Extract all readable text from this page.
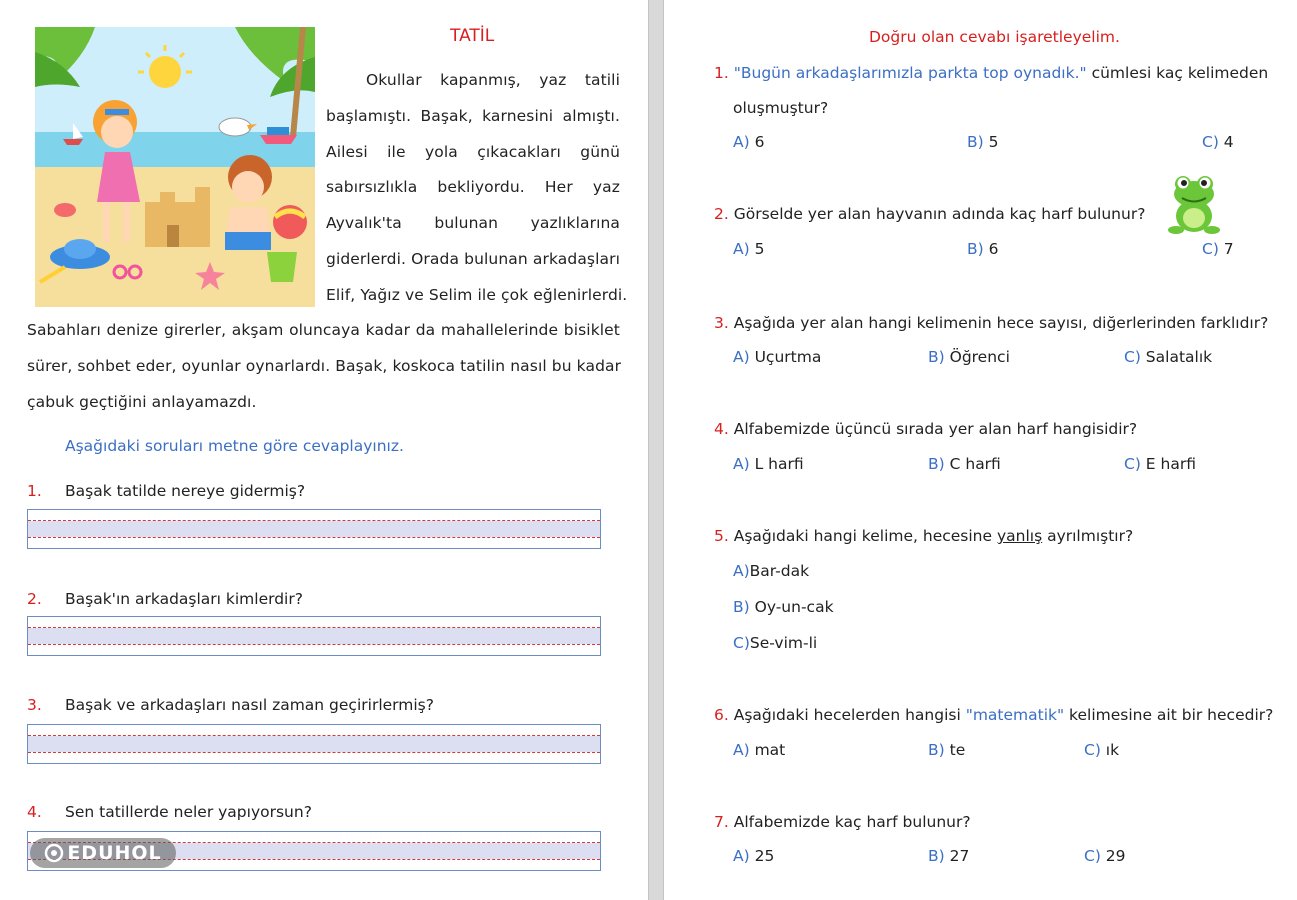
TATİL
Okullar kapanmış, yaz tatili
başlamıştı. Başak, karnesini almıştı.
Ailesi ile yola çıkacakları günü
sabırsızlıkla bekliyordu. Her yaz
Ayvalık'ta bulunan yazlıklarına
giderlerdi. Orada bulunan arkadaşları
Elif, Yağız ve Selim ile çok eğlenirlerdi.
Sabahları denize girerler, akşam oluncaya kadar da mahallelerinde bisiklet
sürer, sohbet eder, oyunlar oynarlardı. Başak, koskoca tatilin nasıl bu kadar
çabuk geçtiğini anlayamazdı.
Aşağıdaki soruları metne göre cevaplayınız.
1. Başak tatilde nereye gidermiş?
2. Başak'ın arkadaşları kimlerdir?
3. Başak ve arkadaşları nasıl zaman geçirirlermiş?
4. Sen tatillerde neler yapıyorsun?
EDUHOL
Doğru olan cevabı işaretleyelim.
1. "Bugün arkadaşlarımızla parkta top oynadık." cümlesi kaç kelimeden
oluşmuştur?
A) 6	B) 5	C) 4
2. Görselde yer alan hayvanın adında kaç harf bulunur?
A) 5	B) 6	C) 7
3. Aşağıda yer alan hangi kelimenin hece sayısı, diğerlerinden farklıdır?
A) Uçurtma	B) Öğrenci	C) Salatalık
4. Alfabemizde üçüncü sırada yer alan harf hangisidir?
A) L harfi	B) C harfi	C) E harfi
5. Aşağıdaki hangi kelime, hecesine yanlış ayrılmıştır?
A)Bar-dak
B) Oy-un-cak
C)Se-vim-li
6. Aşağıdaki hecelerden hangisi "matematik" kelimesine ait bir hecedir?
A) mat	B) te	C) ık
7. Alfabemizde kaç harf bulunur?
A) 25	B) 27	C) 29
